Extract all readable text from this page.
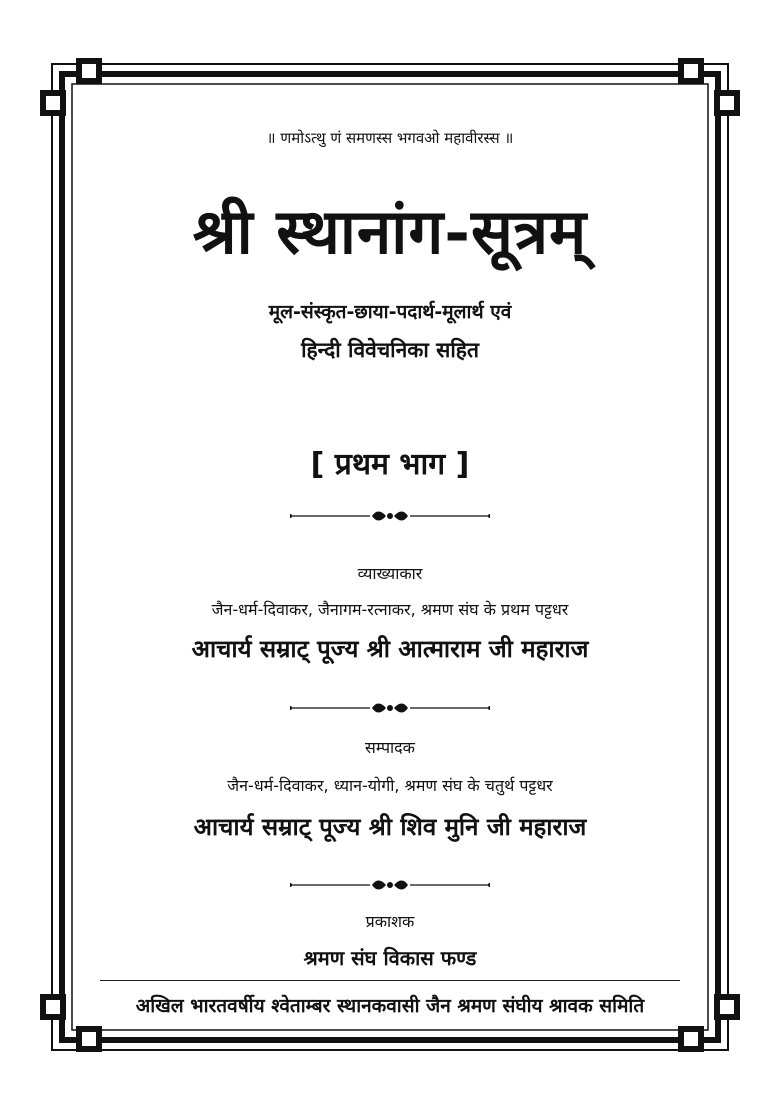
॥ णमोऽत्थु णं समणस्स भगवओ महावीरस्स ॥
श्री स्थानांग-सूत्रम्
मूल-संस्कृत-छाया-पदार्थ-मूलार्थ एवं
हिन्दी विवेचनिका सहित
[ प्रथम भाग ]
व्याख्याकार
जैन-धर्म-दिवाकर, जैनागम-रत्नाकर, श्रमण संघ के प्रथम पट्टधर
आचार्य सम्राट् पूज्य श्री आत्माराम जी महाराज
सम्पादक
जैन-धर्म-दिवाकर, ध्यान-योगी, श्रमण संघ के चतुर्थ पट्टधर
आचार्य सम्राट् पूज्य श्री शिव मुनि जी महाराज
प्रकाशक
श्रमण संघ विकास फण्ड
अखिल भारतवर्षीय श्वेताम्बर स्थानकवासी जैन श्रमण संघीय श्रावक समिति
